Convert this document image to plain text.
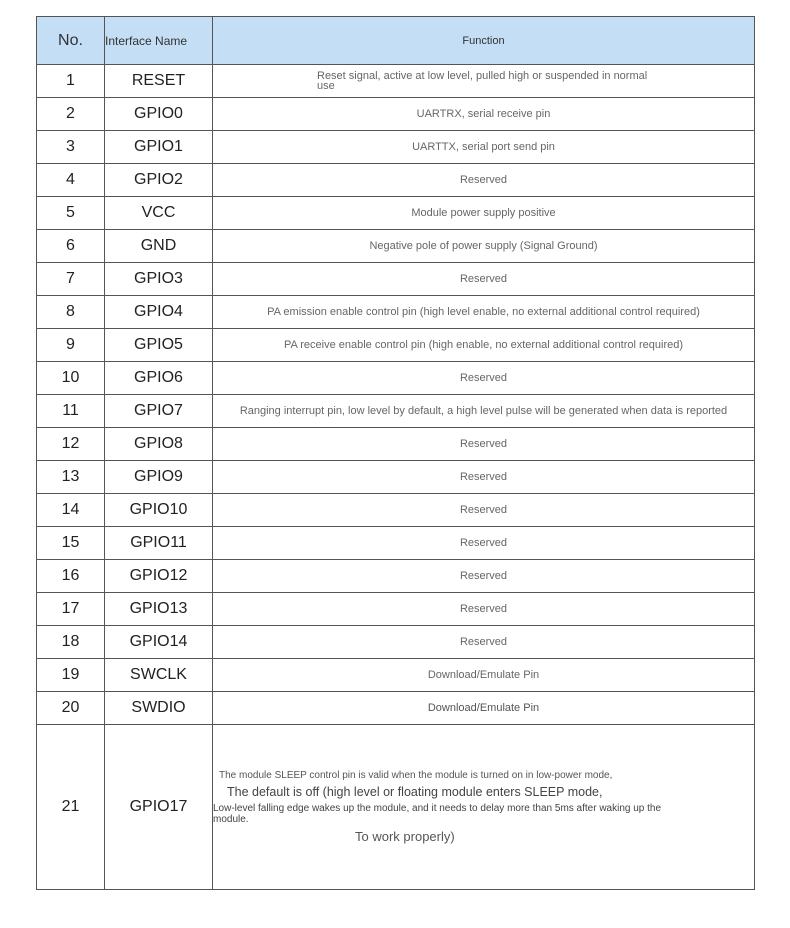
No.	Interface Name	Function
1	RESET	Reset signal, active at low level, pulled high or suspended in normal use

2	GPIO0	UARTRX, serial receive pin
3	GPIO1	UARTTX, serial port send pin
4	GPIO2	Reserved
5	VCC	Module power supply positive
6	GND	Negative pole of power supply (Signal Ground)
7	GPIO3	Reserved
8	GPIO4	PA emission enable control pin (high level enable, no external additional control required)
9	GPIO5	PA receive enable control pin (high enable, no external additional control required)
10	GPIO6	Reserved
11	GPIO7	Ranging interrupt pin, low level by default, a high level pulse will be generated when data is reported
12	GPIO8	Reserved
13	GPIO9	Reserved
14	GPIO10	Reserved
15	GPIO11	Reserved
16	GPIO12	Reserved
17	GPIO13	Reserved
18	GPIO14	Reserved
19	SWCLK	Download/Emulate Pin
20	SWDIO	Download/Emulate Pin
21	GPIO17	The module SLEEP control pin is valid when the module is turned on in low-power mode,
The default is off (high level or floating module enters SLEEP mode,
Low-level falling edge wakes up the module, and it needs to delay more than 5ms after waking up the module.
To work properly)
